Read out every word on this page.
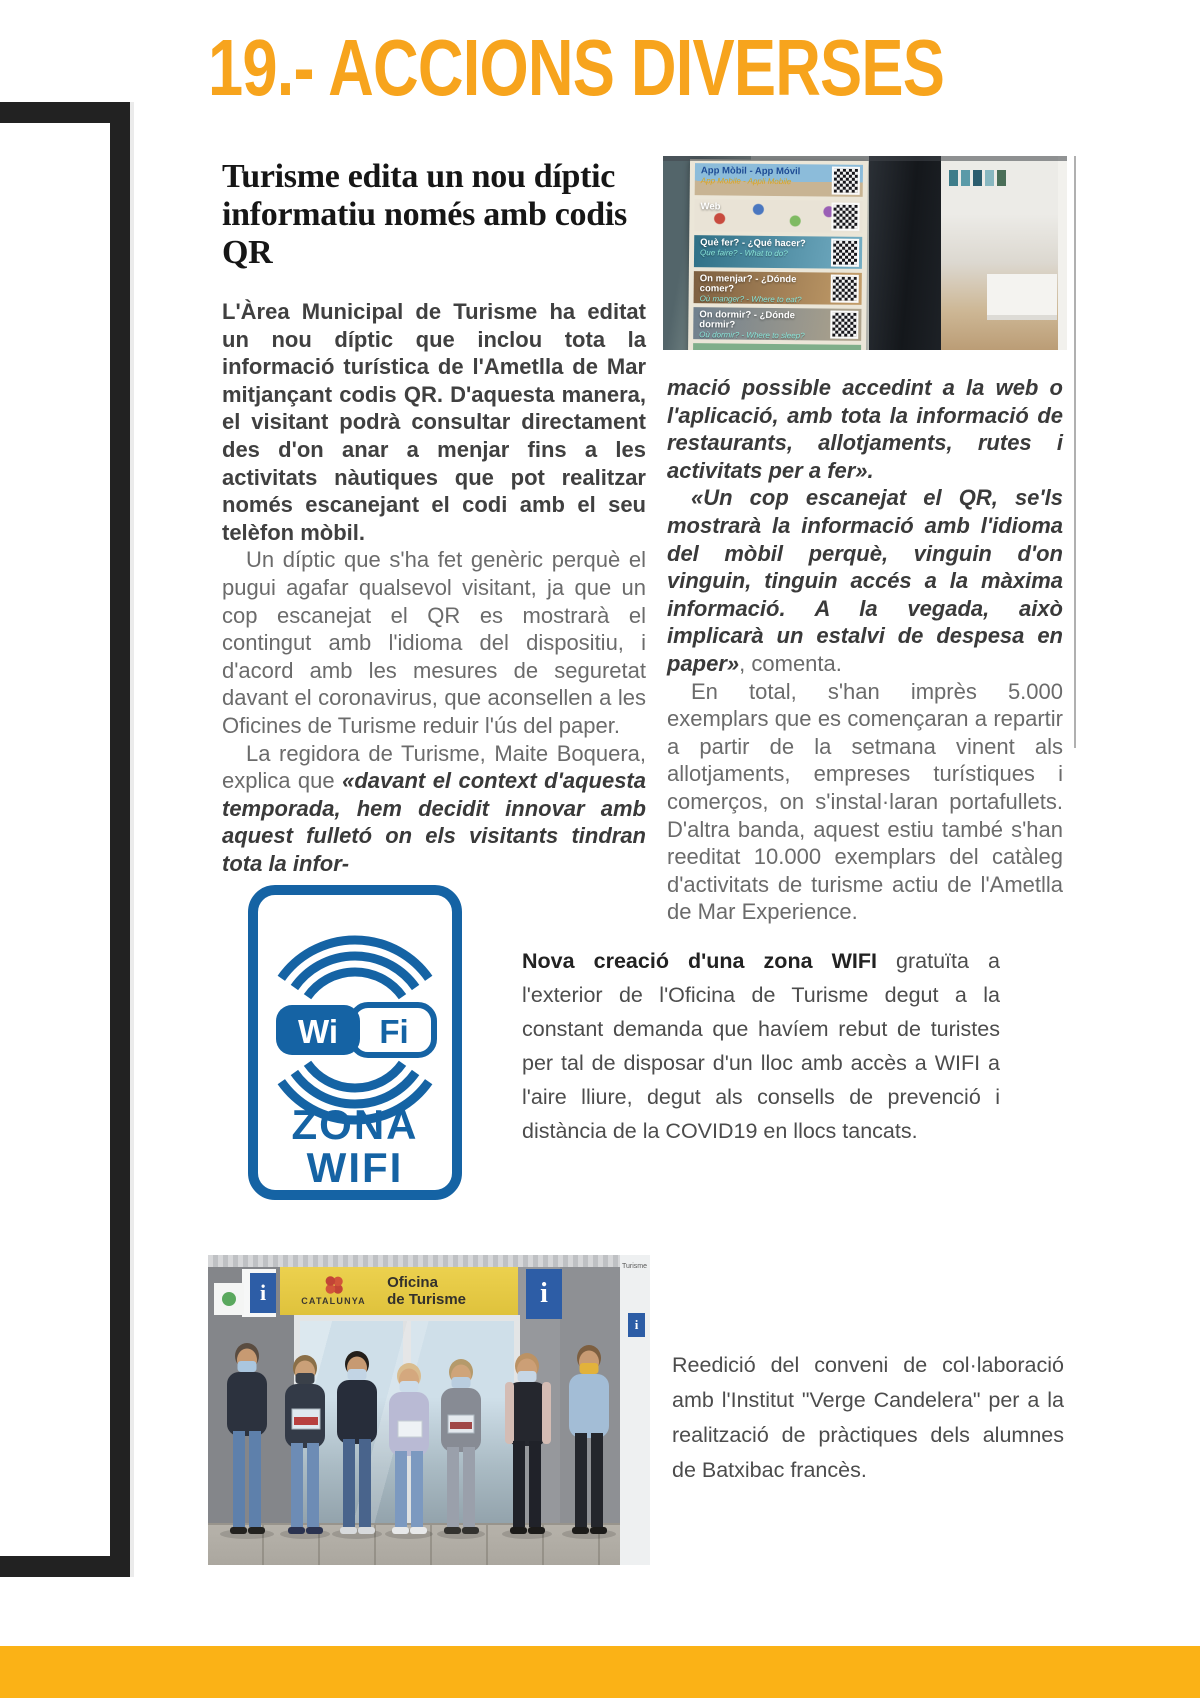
19.- ACCIONS DIVERSES
Turisme edita un nou díptic informatiu només amb codis QR

L'Àrea Municipal de Turisme ha editat un nou díptic que inclou tota la informació turística de l'Ametlla de Mar mitjançant codis QR. D'aquesta manera, el visitant podrà consultar directament des d'on anar a menjar fins a les activitats nàutiques que pot realitzar només escanejant el codi amb el seu telèfon mòbil.

Un díptic que s'ha fet genèric perquè el pugui agafar qualsevol visitant, ja que un cop escanejat el QR es mostrarà el contingut amb l'idioma del dispositiu, i d'acord amb les mesures de seguretat davant el coronavirus, que aconsellen a les Oficines de Turisme reduir l'ús del paper.

La regidora de Turisme, Maite Boquera, explica que «davant el context d'aquesta temporada, hem decidit innovar amb aquest fulletó on els visitants tindran tota la infor-

App Mòbil - App Móvil
App Mobile - Appli Mobile
Web
Què fer? - ¿Qué hacer?
Que faire? - What to do?
On menjar? - ¿Dónde comer?
Où manger? - Where to eat?
On dormir? - ¿Dónde dormir?
Où dormir? - Where to sleep?

mació possible accedint a la web o l'aplicació, amb tota la informació de restaurants, allotjaments, rutes i activitats per a fer».

«Un cop escanejat el QR, se'ls mostrarà la informació amb l'idioma del mòbil perquè, vinguin d'on vinguin, tinguin accés a la màxima informació. A la vegada, això implicarà un estalvi de despesa en paper», comenta.

En total, s'han imprès 5.000 exemplars que es començaran a repartir a partir de la setmana vinent als allotjaments, empreses turístiques i comerços, on s'instal·laran portafullets. D'altra banda, aquest estiu també s'han reeditat 10.000 exemplars del catàleg d'activitats de turisme actiu de l'Ametlla de Mar Experience.

Wi Fi
ZONA
WIFI

Nova creació d'una zona WIFI gratuïta a l'exterior de l'Oficina de Turisme degut a la constant demanda que havíem rebut de turistes per tal de disposar d'un lloc amb accès a WIFI a l'aire lliure, degut als consells de prevenció i distància de la COVID19 en llocs tancats.

i	CATALUNYA
Oficina
de Turisme	i
Turisme
i

Reedició del conveni de col·laboració amb l'Institut "Verge Candelera" per a la realització de pràctiques dels alumnes de Batxibac francès.
